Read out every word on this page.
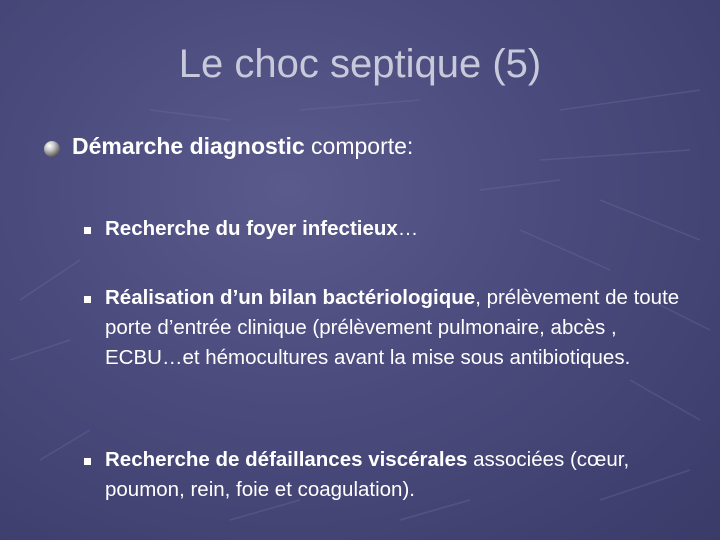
Le choc septique (5)
Démarche diagnostic comporte:
Recherche du foyer infectieux…
Réalisation d’un bilan bactériologique, prélèvement de toute porte d’entrée clinique (prélèvement pulmonaire, abcès , ECBU…et hémocultures avant la mise sous antibiotiques.
Recherche de défaillances viscérales associées (cœur, poumon, rein, foie et coagulation).
